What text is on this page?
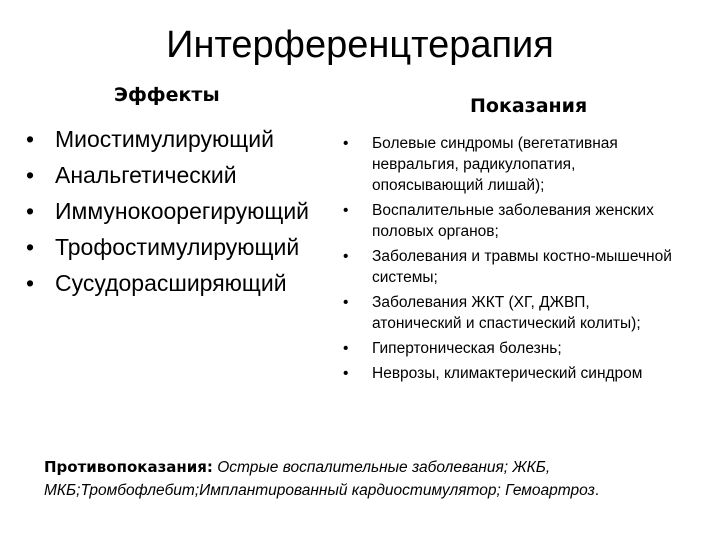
Интерференцтерапия
Эффекты
• Миостимулирующий
• Анальгетический
• Иммунокоорегирующий
• Трофостимулирующий
• Сусудорасширяющий
Показания
• Болевые синдромы (вегетативная невральгия, радикулопатия, опоясывающий лишай);
• Воспалительные заболевания женских половых органов;
• Заболевания и травмы костно-мышечной системы;
• Заболевания ЖКТ (ХГ, ДЖВП, атонический и спастический колиты);
• Гипертоническая болезнь;
• Неврозы, климактерический синдром
Противопоказания: Острые воспалительные заболевания; ЖКБ, МКБ;Тромбофлебит;Имплантированный кардиостимулятор; Гемоартроз.
